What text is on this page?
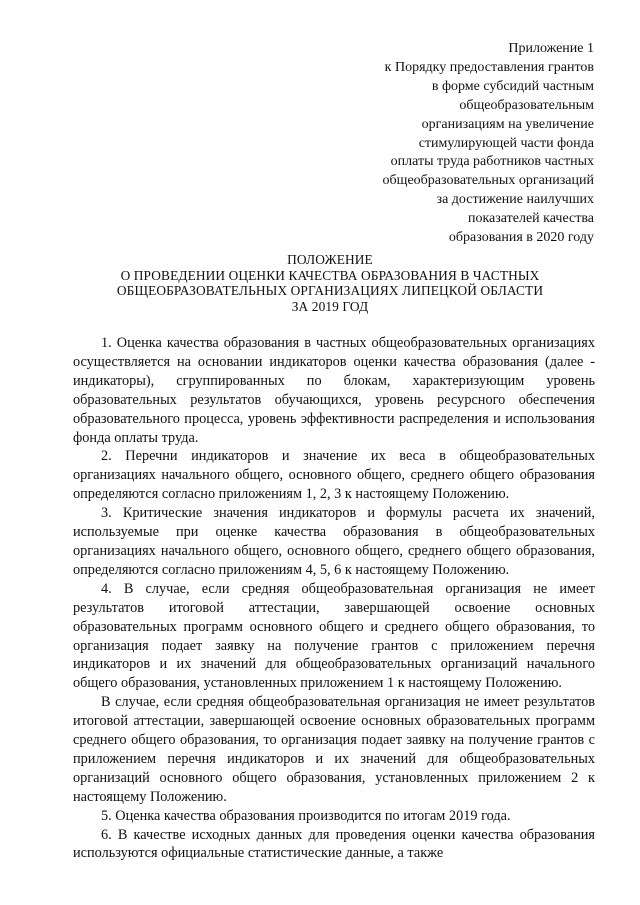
Приложение 1
к Порядку предоставления грантов
в форме субсидий частным
общеобразовательным
организациям на увеличение
стимулирующей части фонда
оплаты труда работников частных
общеобразовательных организаций
за достижение наилучших
показателей качества
образования в 2020 году
ПОЛОЖЕНИЕ
О ПРОВЕДЕНИИ ОЦЕНКИ КАЧЕСТВА ОБРАЗОВАНИЯ В ЧАСТНЫХ
ОБЩЕОБРАЗОВАТЕЛЬНЫХ ОРГАНИЗАЦИЯХ ЛИПЕЦКОЙ ОБЛАСТИ
ЗА 2019 ГОД

1. Оценка качества образования в частных общеобразовательных организациях осуществляется на основании индикаторов оценки качества образования (далее - индикаторы), сгруппированных по блокам, характеризующим уровень образовательных результатов обучающихся, уровень ресурсного обеспечения образовательного процесса, уровень эффективности распределения и использования фонда оплаты труда.

2. Перечни индикаторов и значение их веса в общеобразовательных организациях начального общего, основного общего, среднего общего образования определяются согласно приложениям 1, 2, 3 к настоящему Положению.

3. Критические значения индикаторов и формулы расчета их значений, используемые при оценке качества образования в общеобразовательных организациях начального общего, основного общего, среднего общего образования, определяются согласно приложениям 4, 5, 6 к настоящему Положению.

4. В случае, если средняя общеобразовательная организация не имеет результатов итоговой аттестации, завершающей освоение основных образовательных программ основного общего и среднего общего образования, то организация подает заявку на получение грантов с приложением перечня индикаторов и их значений для общеобразовательных организаций начального общего образования, установленных приложением 1 к настоящему Положению.

В случае, если средняя общеобразовательная организация не имеет результатов итоговой аттестации, завершающей освоение основных образовательных программ среднего общего образования, то организация подает заявку на получение грантов с приложением перечня индикаторов и их значений для общеобразовательных организаций основного общего образования, установленных приложением 2 к настоящему Положению.

5. Оценка качества образования производится по итогам 2019 года.

6. В качестве исходных данных для проведения оценки качества образования используются официальные статистические данные, а также
